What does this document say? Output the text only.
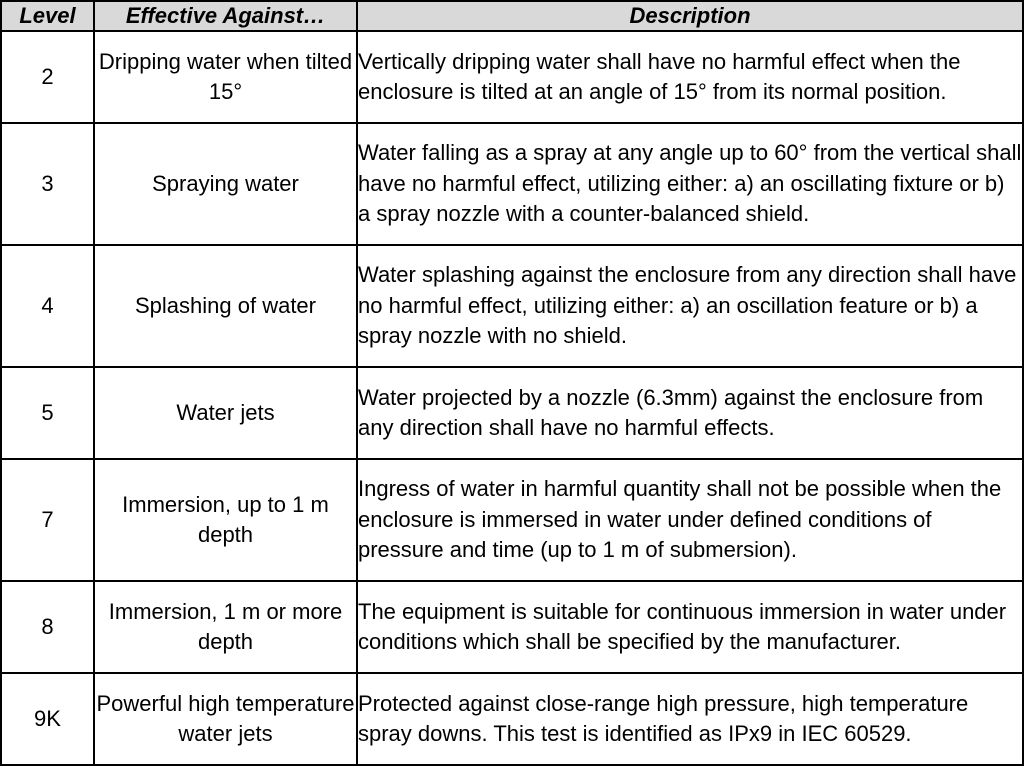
Level	Effective Against…	Description
2	Dripping water when tilted 15°	Vertically dripping water shall have no harmful effect when the enclosure is tilted at an angle of 15° from its normal position.
3	Spraying water	Water falling as a spray at any angle up to 60° from the vertical shall have no harmful effect, utilizing either: a) an oscillating fixture or b) a spray nozzle with a counter-balanced shield.
4	Splashing of water	Water splashing against the enclosure from any direction shall have no harmful effect, utilizing either: a) an oscillation feature or b) a spray nozzle with no shield.
5	Water jets	Water projected by a nozzle (6.3mm) against the enclosure from any direction shall have no harmful effects.
7	Immersion, up to 1 m depth	Ingress of water in harmful quantity shall not be possible when the enclosure is immersed in water under defined conditions of pressure and time (up to 1 m of submersion).
8	Immersion, 1 m or more depth	The equipment is suitable for continuous immersion in water under conditions which shall be specified by the manufacturer.
9K	Powerful high temperature water jets	Protected against close-range high pressure, high temperature spray downs. This test is identified as IPx9 in IEC 60529.
